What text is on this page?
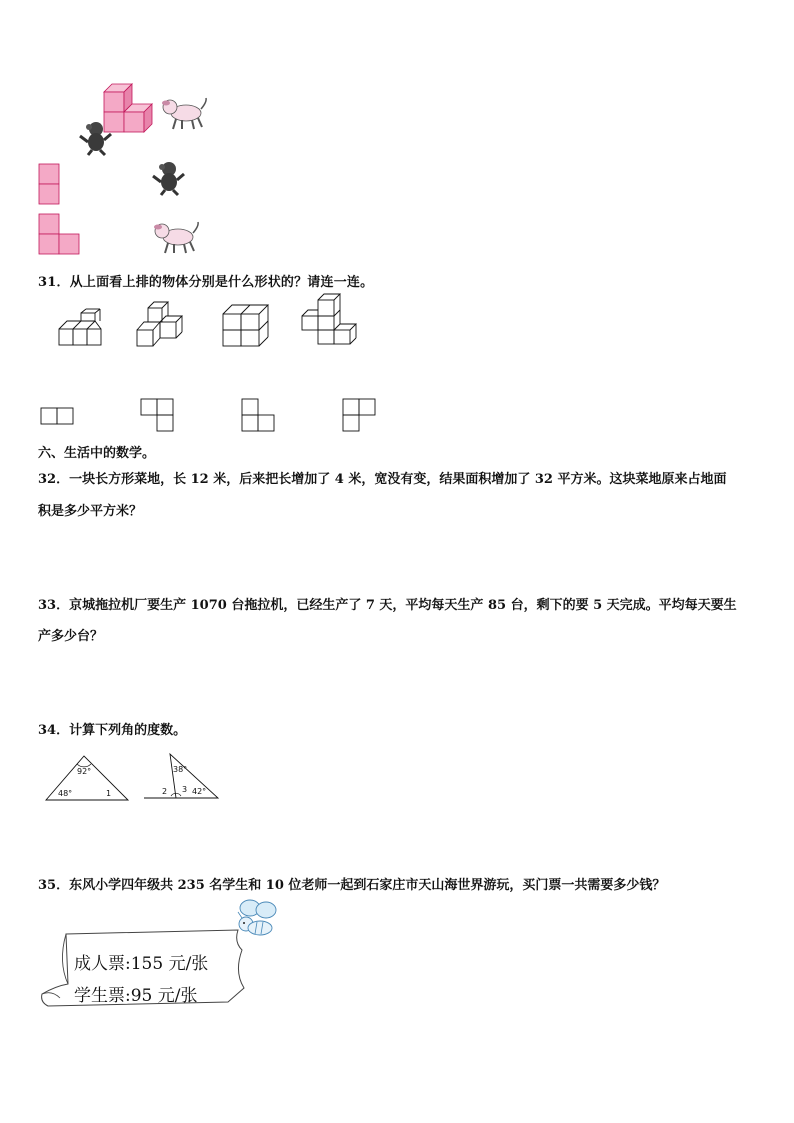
31．从上面看上排的物体分别是什么形状的？请连一连。
六、生活中的数学。
32．一块长方形菜地，长 12 米，后来把长增加了 4 米，宽没有变，结果面积增加了 32 平方米。这块菜地原来占地面
积是多少平方米？
33．京城拖拉机厂要生产 1070 台拖拉机，已经生产了 7 天，平均每天生产 85 台，剩下的要 5 天完成。平均每天要生
产多少台？
34．计算下列角的度数。
92°
48°	1
38°
2 3 42°
35．东风小学四年级共 235 名学生和 10 位老师一起到石家庄市天山海世界游玩，买门票一共需要多少钱？
成人票:155 元/张
学生票:95 元/张
